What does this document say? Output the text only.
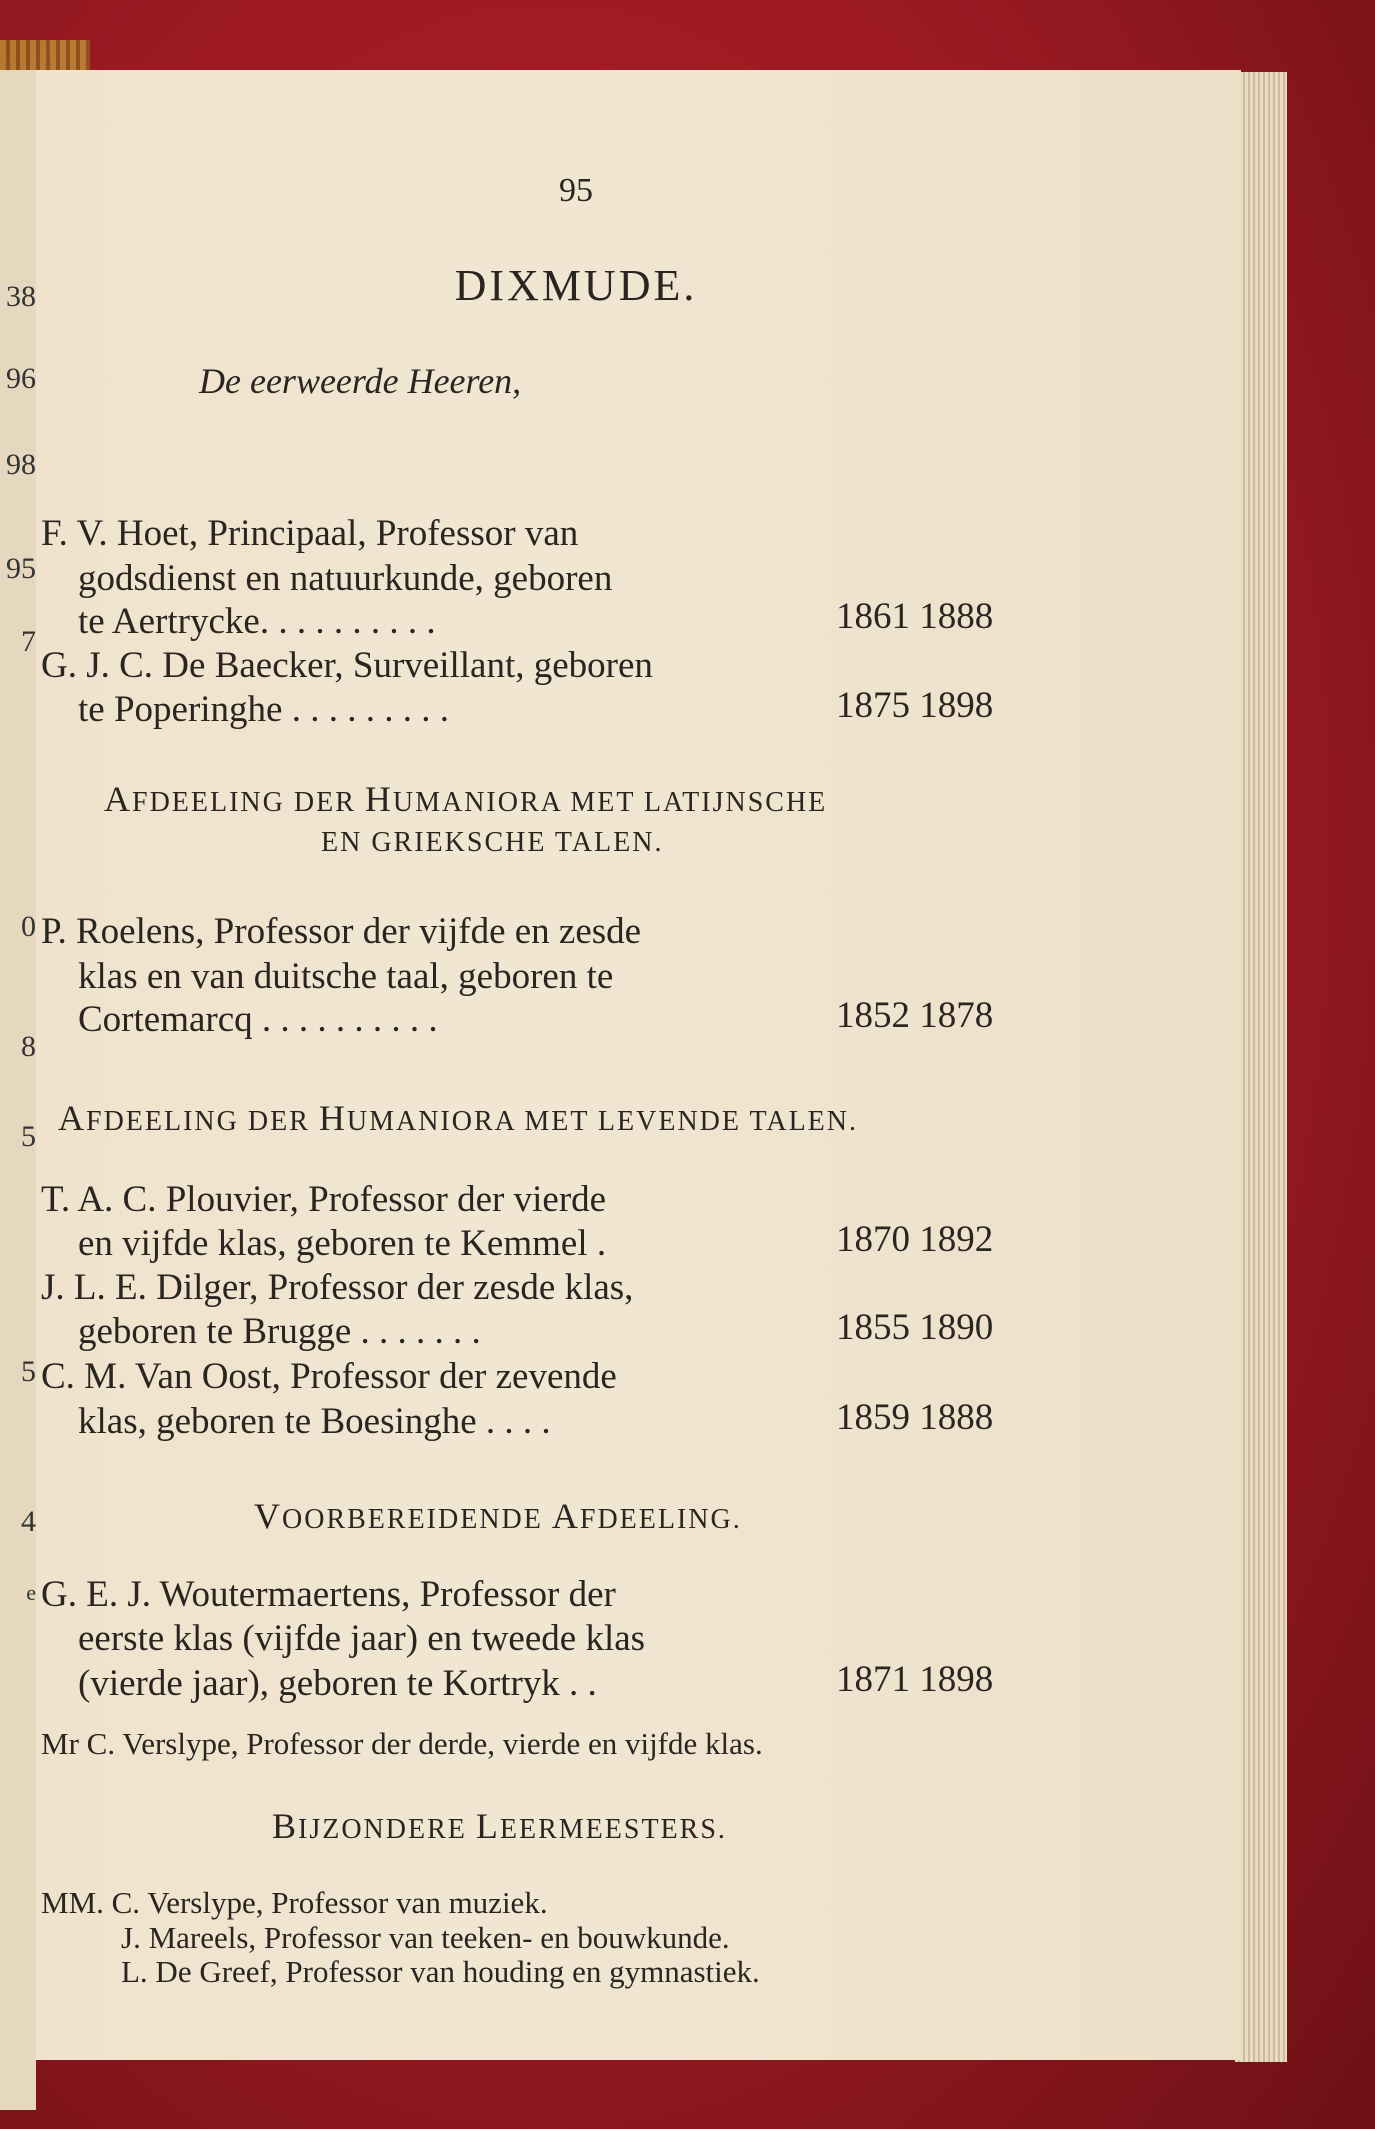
38
96
98
95
7
0
8
5
5
4
e
95
DIXMUDE.
De eerweerde Heeren,
F. V. Hoet, Principaal, Professor van
godsdienst en natuurkunde, geboren
te Aertrycke. . . . . . . . . .	1861 1888
G. J. C. De Baecker, Surveillant, geboren
te Poperinghe . . . . . . . . .	1875 1898
AFDEELING DER HUMANIORA MET LATIJNSCHE
EN GRIEKSCHE TALEN.
P. Roelens, Professor der vijfde en zesde
klas en van duitsche taal, geboren te
Cortemarcq . . . . . . . . . .	1852 1878
AFDEELING DER HUMANIORA MET LEVENDE TALEN.
T. A. C. Plouvier, Professor der vierde
en vijfde klas, geboren te Kemmel .	1870 1892
J. L. E. Dilger, Professor der zesde klas,
geboren te Brugge . . . . . . .	1855 1890
C. M. Van Oost, Professor der zevende
klas, geboren te Boesinghe . . . .	1859 1888
VOORBEREIDENDE AFDEELING.
G. E. J. Woutermaertens, Professor der
eerste klas (vijfde jaar) en tweede klas
(vierde jaar), geboren te Kortryk . .	1871 1898
Mr C. Verslype, Professor der derde, vierde en vijfde klas.
BIJZONDERE LEERMEESTERS.
MM. C. Verslype, Professor van muziek.
J. Mareels, Professor van teeken- en bouwkunde.
L. De Greef, Professor van houding en gymnastiek.
